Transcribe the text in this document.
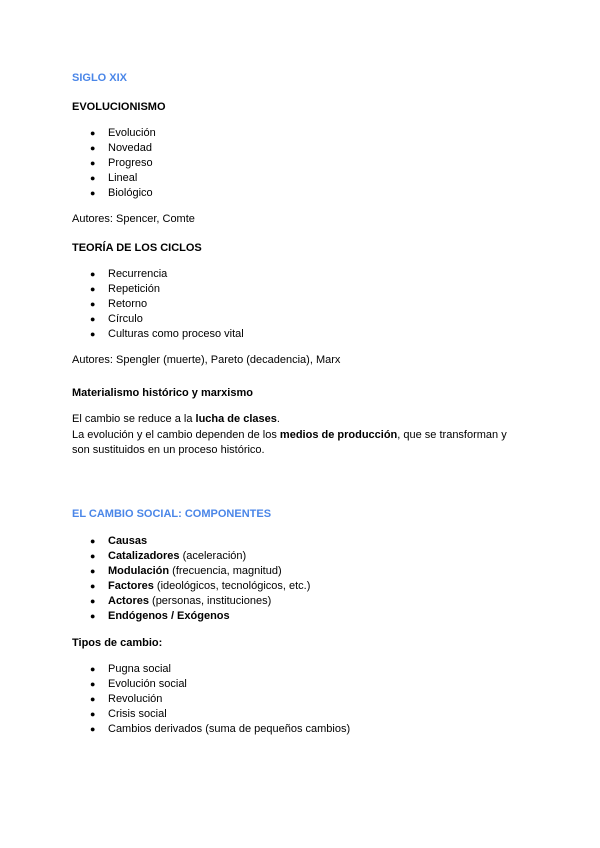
SIGLO XIX
EVOLUCIONISMO
●	Evolución
●	Novedad
●	Progreso
●	Lineal
●	Biológico
Autores: Spencer, Comte
TEORÍA DE LOS CICLOS
●	Recurrencia
●	Repetición
●	Retorno
●	Círculo
●	Culturas como proceso vital
Autores: Spengler (muerte), Pareto (decadencia), Marx
Materialismo histórico y marxismo
El cambio se reduce a la lucha de clases.
La evolución y el cambio dependen de los medios de producción, que se transforman y
son sustituidos en un proceso histórico.
EL CAMBIO SOCIAL: COMPONENTES
●	Causas
●	Catalizadores (aceleración)
●	Modulación (frecuencia, magnitud)
●	Factores (ideológicos, tecnológicos, etc.)
●	Actores (personas, instituciones)
●	Endógenos / Exógenos
Tipos de cambio:
●	Pugna social
●	Evolución social
●	Revolución
●	Crisis social
●	Cambios derivados (suma de pequeños cambios)
